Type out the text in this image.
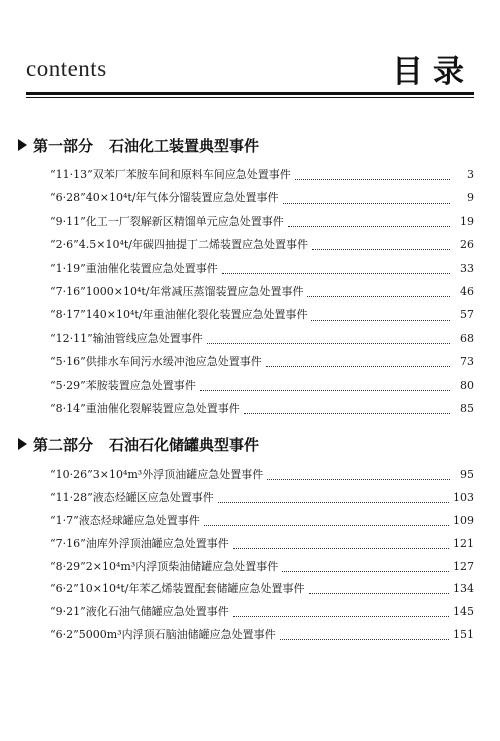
contents	目录
第一部分 石油化工装置典型事件
“11·13”双苯厂苯胺车间和原料车间应急处置事件	3
“6·28”40×10⁴t/年气体分馏装置应急处置事件	9
“9·11”化工一厂裂解新区精馏单元应急处置事件	19
“2·6”4.5×10⁴t/年碳四抽提丁二烯装置应急处置事件	26
“1·19”重油催化装置应急处置事件	33
“7·16”1000×10⁴t/年常减压蒸馏装置应急处置事件	46
“8·17”140×10⁴t/年重油催化裂化装置应急处置事件	57
“12·11”输油管线应急处置事件	68
“5·16”供排水车间污水缓冲池应急处置事件	73
“5·29”苯胺装置应急处置事件	80
“8·14”重油催化裂解装置应急处置事件	85
第二部分 石油石化储罐典型事件
“10·26”3×10⁴m³外浮顶油罐应急处置事件	95
“11·28”液态烃罐区应急处置事件	103
“1·7”液态烃球罐应急处置事件	109
“7·16”油库外浮顶油罐应急处置事件	121
“8·29”2×10⁴m³内浮顶柴油储罐应急处置事件	127
“6·2”10×10⁴t/年苯乙烯装置配套储罐应急处置事件	134
“9·21”液化石油气储罐应急处置事件	145
“6·2”5000m³内浮顶石脑油储罐应急处置事件	151
